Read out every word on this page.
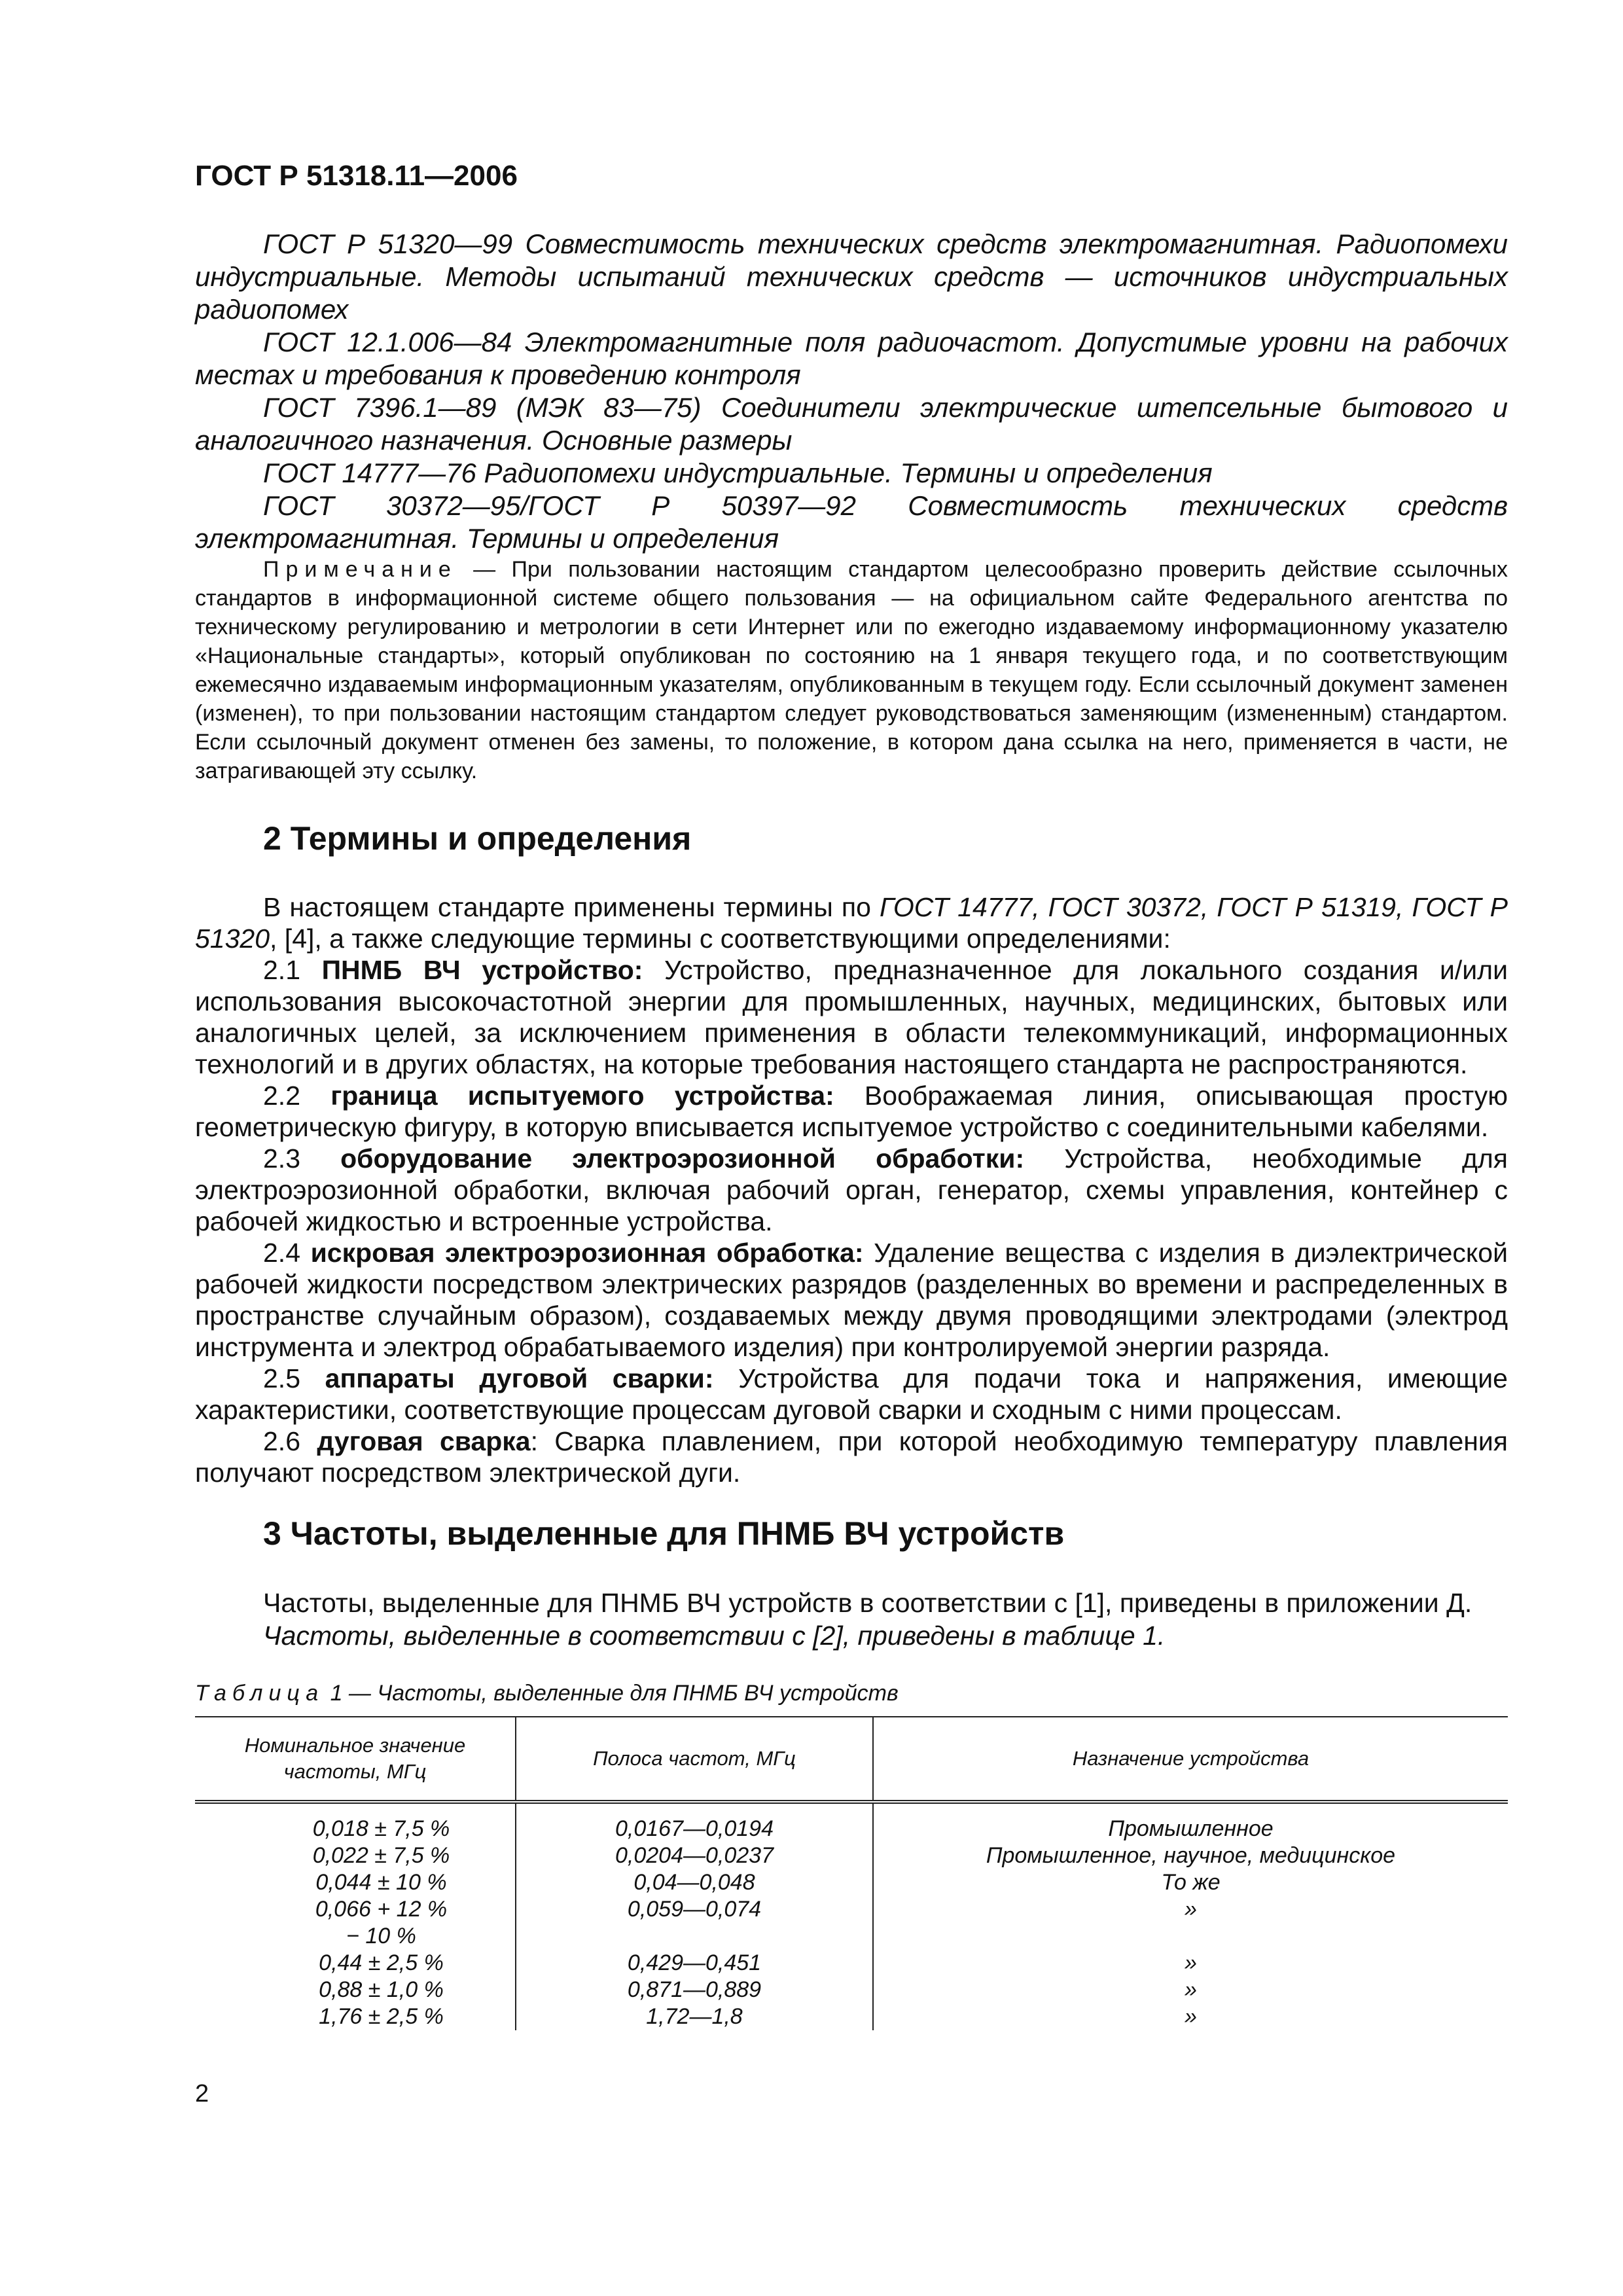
ГОСТ Р 51318.11—2006

ГОСТ Р 51320—99 Совместимость технических средств электромагнитная. Радиопомехи индустриальные. Методы испытаний технических средств — источников индустриальных радиопомех

ГОСТ 12.1.006—84 Электромагнитные поля радиочастот. Допустимые уровни на рабочих местах и требования к проведению контроля

ГОСТ 7396.1—89 (МЭК 83—75) Соединители электрические штепсельные бытового и аналогичного назначения. Основные размеры

ГОСТ 14777—76 Радиопомехи индустриальные. Термины и определения

ГОСТ 30372—95/ГОСТ Р 50397—92 Совместимость технических средств электромагнитная. Термины и определения

Примечание — При пользовании настоящим стандартом целесообразно проверить действие ссылочных стандартов в информационной системе общего пользования — на официальном сайте Федерального агентства по техническому регулированию и метрологии в сети Интернет или по ежегодно издаваемому информационному указателю «Национальные стандарты», который опубликован по состоянию на 1 января текущего года, и по соответствующим ежемесячно издаваемым информационным указателям, опубликованным в текущем году. Если ссылочный документ заменен (изменен), то при пользовании настоящим стандартом следует руководствоваться заменяющим (измененным) стандартом. Если ссылочный документ отменен без замены, то положение, в котором дана ссылка на него, применяется в части, не затрагивающей эту ссылку.

2 Термины и определения

В настоящем стандарте применены термины по ГОСТ 14777, ГОСТ 30372, ГОСТ Р 51319, ГОСТ Р 51320, [4], а также следующие термины с соответствующими определениями:

2.1 ПНМБ ВЧ устройство: Устройство, предназначенное для локального создания и/или использования высокочастотной энергии для промышленных, научных, медицинских, бытовых или аналогичных целей, за исключением применения в области телекоммуникаций, информационных технологий и в других областях, на которые требования настоящего стандарта не распространяются.

2.2 граница испытуемого устройства: Воображаемая линия, описывающая простую геометрическую фигуру, в которую вписывается испытуемое устройство с соединительными кабелями.

2.3 оборудование электроэрозионной обработки: Устройства, необходимые для электроэрозионной обработки, включая рабочий орган, генератор, схемы управления, контейнер с рабочей жидкостью и встроенные устройства.

2.4 искровая электроэрозионная обработка: Удаление вещества с изделия в диэлектрической рабочей жидкости посредством электрических разрядов (разделенных во времени и распределенных в пространстве случайным образом), создаваемых между двумя проводящими электродами (электрод инструмента и электрод обрабатываемого изделия) при контролируемой энергии разряда.

2.5 аппараты дуговой сварки: Устройства для подачи тока и напряжения, имеющие характеристики, соответствующие процессам дуговой сварки и сходным с ними процессам.

2.6 дуговая сварка: Сварка плавлением, при которой необходимую температуру плавления получают посредством электрической дуги.

3 Частоты, выделенные для ПНМБ ВЧ устройств

Частоты, выделенные для ПНМБ ВЧ устройств в соответствии с [1], приведены в приложении Д.

Частоты, выделенные в соответствии с [2], приведены в таблице 1.

Таблица 1 — Частоты, выделенные для ПНМБ ВЧ устройств
Номинальное значение частоты, МГц	Полоса частот, МГц	Назначение устройства
0,018 ± 7,5 %	0,0167—0,0194	Промышленное
0,022 ± 7,5 %	0,0204—0,0237	Промышленное, научное, медицинское
0,044 ± 10 %	0,04—0,048	То же
0,066 + 12 %	0,059—0,074	»
− 10 %		
0,44 ± 2,5 %	0,429—0,451	»
0,88 ± 1,0 %	0,871—0,889	»
1,76 ± 2,5 %	1,72—1,8	»
2
